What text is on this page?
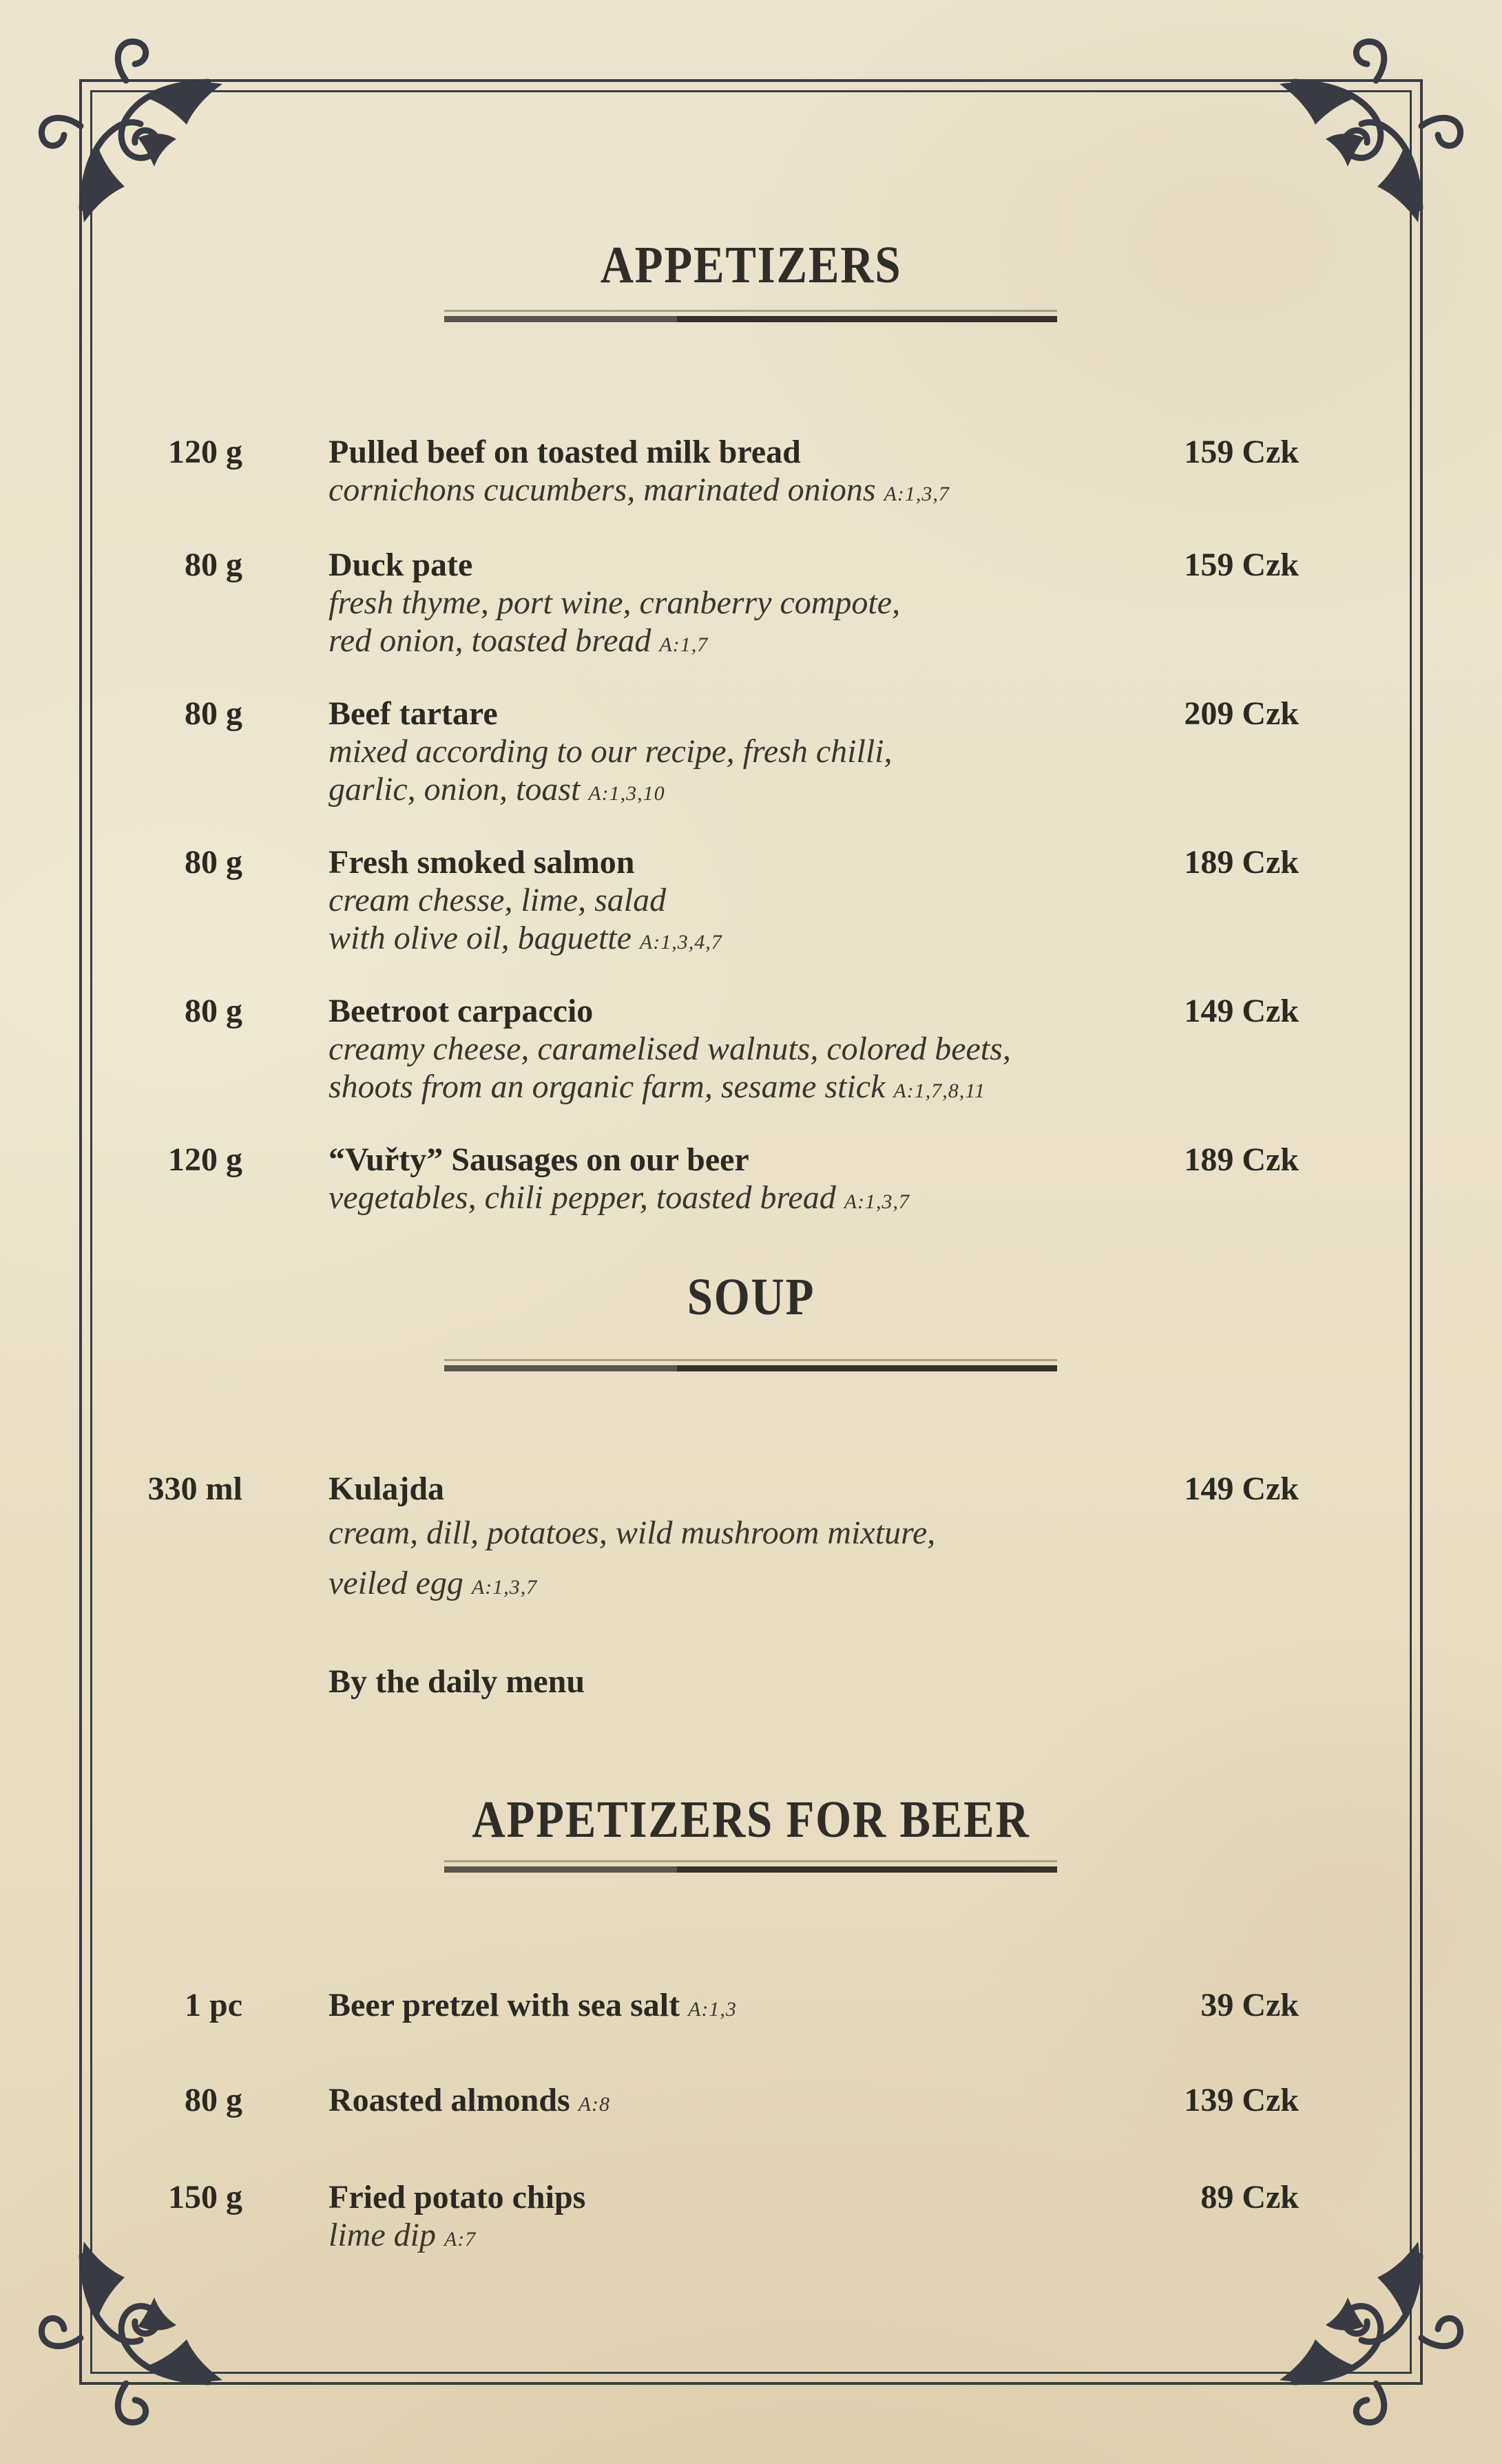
APPETIZERS
120 g	Pulled beef on toasted milk bread
cornichons cucumbers, marinated onions A:1,3,7
159 Czk
80 g	Duck pate
fresh thyme, port wine, cranberry compote,
red onion, toasted bread A:1,7
159 Czk
80 g	Beef tartare
mixed according to our recipe, fresh chilli,
garlic, onion, toast A:1,3,10
209 Czk
80 g	Fresh smoked salmon
cream chesse, lime, salad
with olive oil, baguette A:1,3,4,7
189 Czk
80 g	Beetroot carpaccio
creamy cheese, caramelised walnuts, colored beets,
shoots from an organic farm, sesame stick A:1,7,8,11
149 Czk
120 g	“Vuřty” Sausages on our beer
vegetables, chili pepper, toasted bread A:1,3,7
189 Czk
SOUP
330 ml	Kulajda
cream, dill, potatoes, wild mushroom mixture,
veiled egg A:1,3,7
149 Czk
By the daily menu
APPETIZERS FOR BEER
1 pc	Beer pretzel with sea salt A:1,3	39 Czk
80 g	Roasted almonds A:8	139 Czk
150 g	Fried potato chips
lime dip A:7
89 Czk
